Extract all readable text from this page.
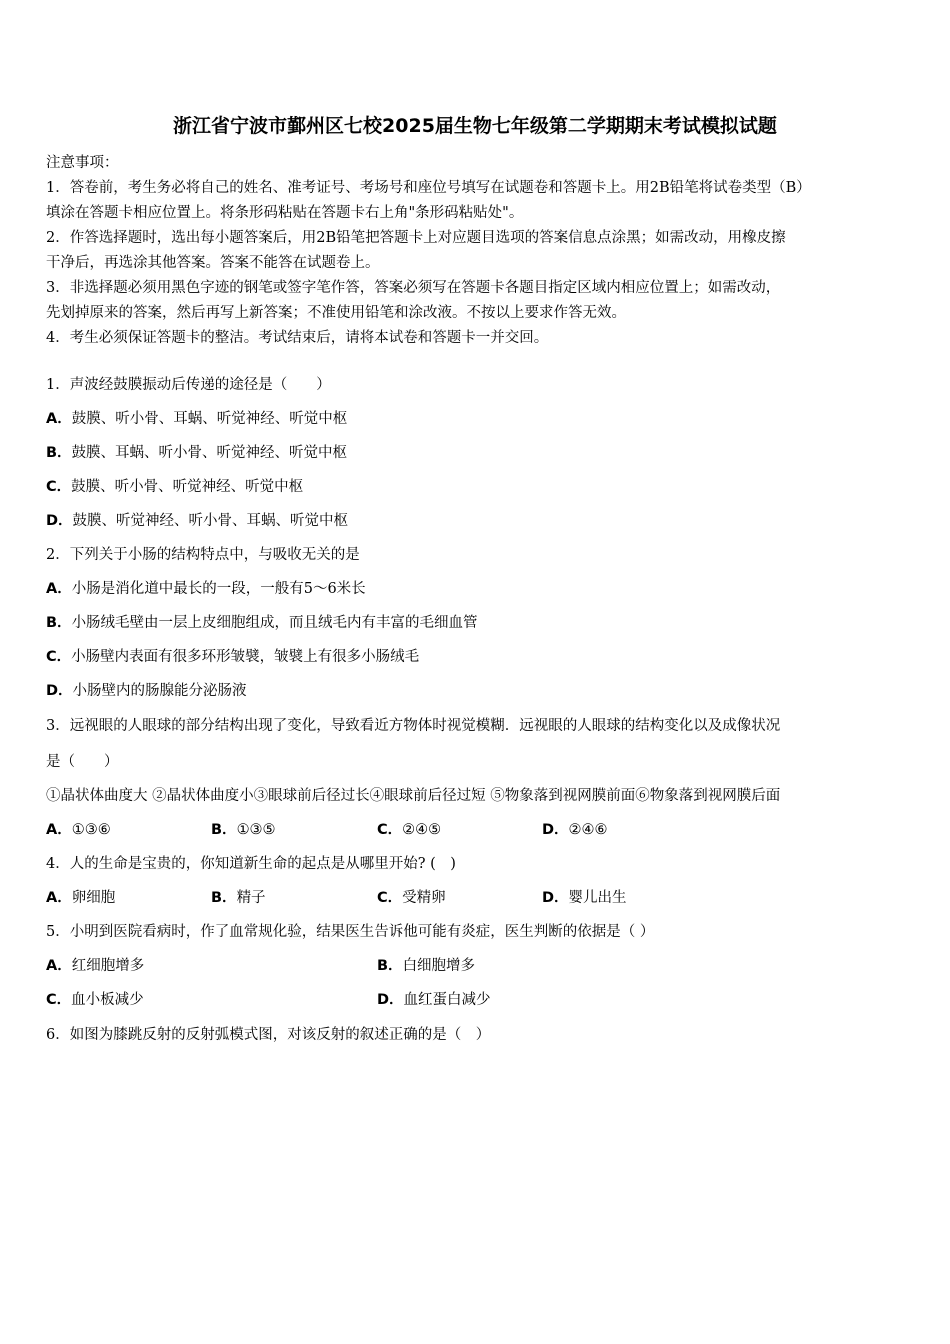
浙江省宁波市鄞州区七校2025届生物七年级第二学期期末考试模拟试题
注意事项：
1．答卷前，考生务必将自己的姓名、准考证号、考场号和座位号填写在试题卷和答题卡上。用2B铅笔将试卷类型（B）
填涂在答题卡相应位置上。将条形码粘贴在答题卡右上角"条形码粘贴处"。
2．作答选择题时，选出每小题答案后，用2B铅笔把答题卡上对应题目选项的答案信息点涂黑；如需改动，用橡皮擦
干净后，再选涂其他答案。答案不能答在试题卷上。
3．非选择题必须用黑色字迹的钢笔或签字笔作答，答案必须写在答题卡各题目指定区域内相应位置上；如需改动，
先划掉原来的答案，然后再写上新答案；不准使用铅笔和涂改液。不按以上要求作答无效。
4．考生必须保证答题卡的整洁。考试结束后，请将本试卷和答题卡一并交回。
1．声波经鼓膜振动后传递的途径是（　　）
A．鼓膜、听小骨、耳蜗、听觉神经、听觉中枢
B．鼓膜、耳蜗、听小骨、听觉神经、听觉中枢
C．鼓膜、听小骨、听觉神经、听觉中枢
D．鼓膜、听觉神经、听小骨、耳蜗、听觉中枢
2．下列关于小肠的结构特点中，与吸收无关的是
A．小肠是消化道中最长的一段，一般有5～6米长
B．小肠绒毛壁由一层上皮细胞组成，而且绒毛内有丰富的毛细血管
C．小肠壁内表面有很多环形皱襞，皱襞上有很多小肠绒毛
D．小肠壁内的肠腺能分泌肠液
3．远视眼的人眼球的部分结构出现了变化，导致看近方物体时视觉模糊．远视眼的人眼球的结构变化以及成像状况
是（　　）
①晶状体曲度大 ②晶状体曲度小③眼球前后径过长④眼球前后径过短 ⑤物象落到视网膜前面⑥物象落到视网膜后面
A．①③⑥	B．①③⑤	C．②④⑤	D．②④⑥
4．人的生命是宝贵的，你知道新生命的起点是从哪里开始? (　)
A．卵细胞	B．精子	C．受精卵	D．婴儿出生
5．小明到医院看病时，作了血常规化验，结果医生告诉他可能有炎症，医生判断的依据是（ ）
A．红细胞增多	B．白细胞增多
C．血小板减少	D．血红蛋白减少
6．如图为膝跳反射的反射弧模式图，对该反射的叙述正确的是（　）
